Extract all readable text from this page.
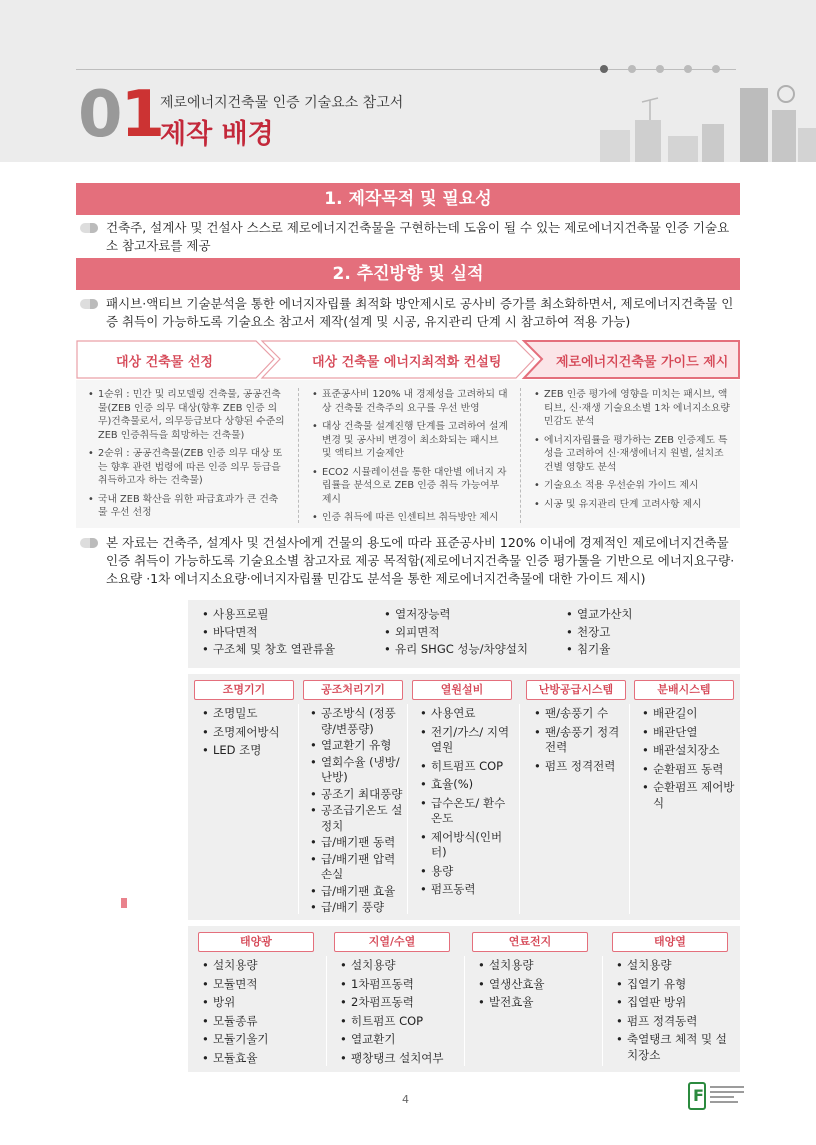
01
제로에너지건축물 인증 기술요소 참고서
제작 배경
1. 제작목적 및 필요성
건축주, 설계사 및 건설사 스스로 제로에너지건축물을 구현하는데 도움이 될 수 있는 제로에너지건축물 인증 기술요소 참고자료를 제공
2. 추진방향 및 실적
패시브·액티브 기술분석을 통한 에너지자립률 최적화 방안제시로 공사비 증가를 최소화하면서, 제로에너지건축물 인증 취득이 가능하도록 기술요소 참고서 제작(설계 및 시공, 유지관리 단계 시 참고하여 적용 가능)
대상 건축물 선정	대상 건축물 에너지최적화 컨설팅	제로에너지건축물 가이드 제시
• 1순위 : 민간 및 리모델링 건축물, 공공건축물(ZEB 인증 의무 대상(향후 ZEB 인증 의무)건축물로서, 의무등급보다 상향된 수준의 ZEB 인증취득을 희망하는 건축물)
• 2순위 : 공공건축물(ZEB 인증 의무 대상 또는 향후 관련 법령에 따른 인증 의무 등급을 취득하고자 하는 건축물)
• 국내 ZEB 확산을 위한 파급효과가 큰 건축물 우선 선정
• 표준공사비 120% 내 경제성을 고려하되 대상 건축물 건축주의 요구를 우선 반영
• 대상 건축물 설계진행 단계를 고려하여 설계변경 및 공사비 변경이 최소화되는 패시브 및 액티브 기술제안
• ECO2 시뮬레이션을 통한 대안별 에너지 자립률을 분석으로 ZEB 인증 취득 가능여부 제시
• 인증 취득에 따른 인센티브 취득방안 제시
• ZEB 인증 평가에 영향을 미치는 패시브, 액티브, 신·재생 기술요소별 1차 에너지소요량 민감도 분석
• 에너지자립률을 평가하는 ZEB 인증제도 특성을 고려하여 신·재생에너지 원별, 설치조건별 영향도 분석
• 기술요소 적용 우선순위 가이드 제시
• 시공 및 유지관리 단계 고려사항 제시
본 자료는 건축주, 설계사 및 건설사에게 건물의 용도에 따라 표준공사비 120% 이내에 경제적인 제로에너지건축물 인증 취득이 가능하도록 기술요소별 참고자료 제공 목적함(제로에너지건축물 인증 평가툴을 기반으로 에너지요구량·소요량 ·1차 에너지소요량·에너지자립률 민감도 분석을 통한 제로에너지건축물에 대한 가이드 제시)
패시브
•	사용프로필
• 바닥면적
• 구조체 및 창호 열관류율
• 열저장능력
• 외피면적
• 유리 SHGC 성능/차양설치
• 열교가산치
• 천장고
• 침기율
액티브
조명기기	공조처리기기	열원설비	난방공급시스템	분배시스템
• 조명밀도
• 조명제어방식
• LED 조명
• 공조방식 (정풍량/변풍량)
• 열교환기 유형
• 열회수율 (냉방/난방)
• 공조기 최대풍량
• 공조급기온도 설정치
• 급/배기팬 동력
• 급/배기팬 압력손실
• 급/배기팬 효율
• 급/배기 풍량
• 사용연료
• 전기/가스/ 지역열원
• 히트펌프 COP
• 효율(%)
• 급수온도/ 환수온도
• 제어방식(인버터)
• 용량
• 펌프동력
• 팬/송풍기 수
• 팬/송풍기 정격전력
• 펌프 정격전력
• 배관길이
• 배관단열
• 배관설치장소
• 순환펌프 동력
• 순환펌프 제어방식
신·재생
에너지
태양광	지열/수열	연료전지	태양열
• 설치용량
• 모듈면적
• 방위
• 모듈종류
• 모듈기울기
• 모듈효율
• 설치용량
• 1차펌프동력
• 2차펌프동력
• 히트펌프 COP
• 열교환기
• 팽창탱크 설치여부
• 설치용량
• 열생산효율
• 발전효율
• 설치용량
• 집열기 유형
• 집열판 방위
• 펌프 정격동력
• 축열탱크 체적 및 설치장소
4
F
